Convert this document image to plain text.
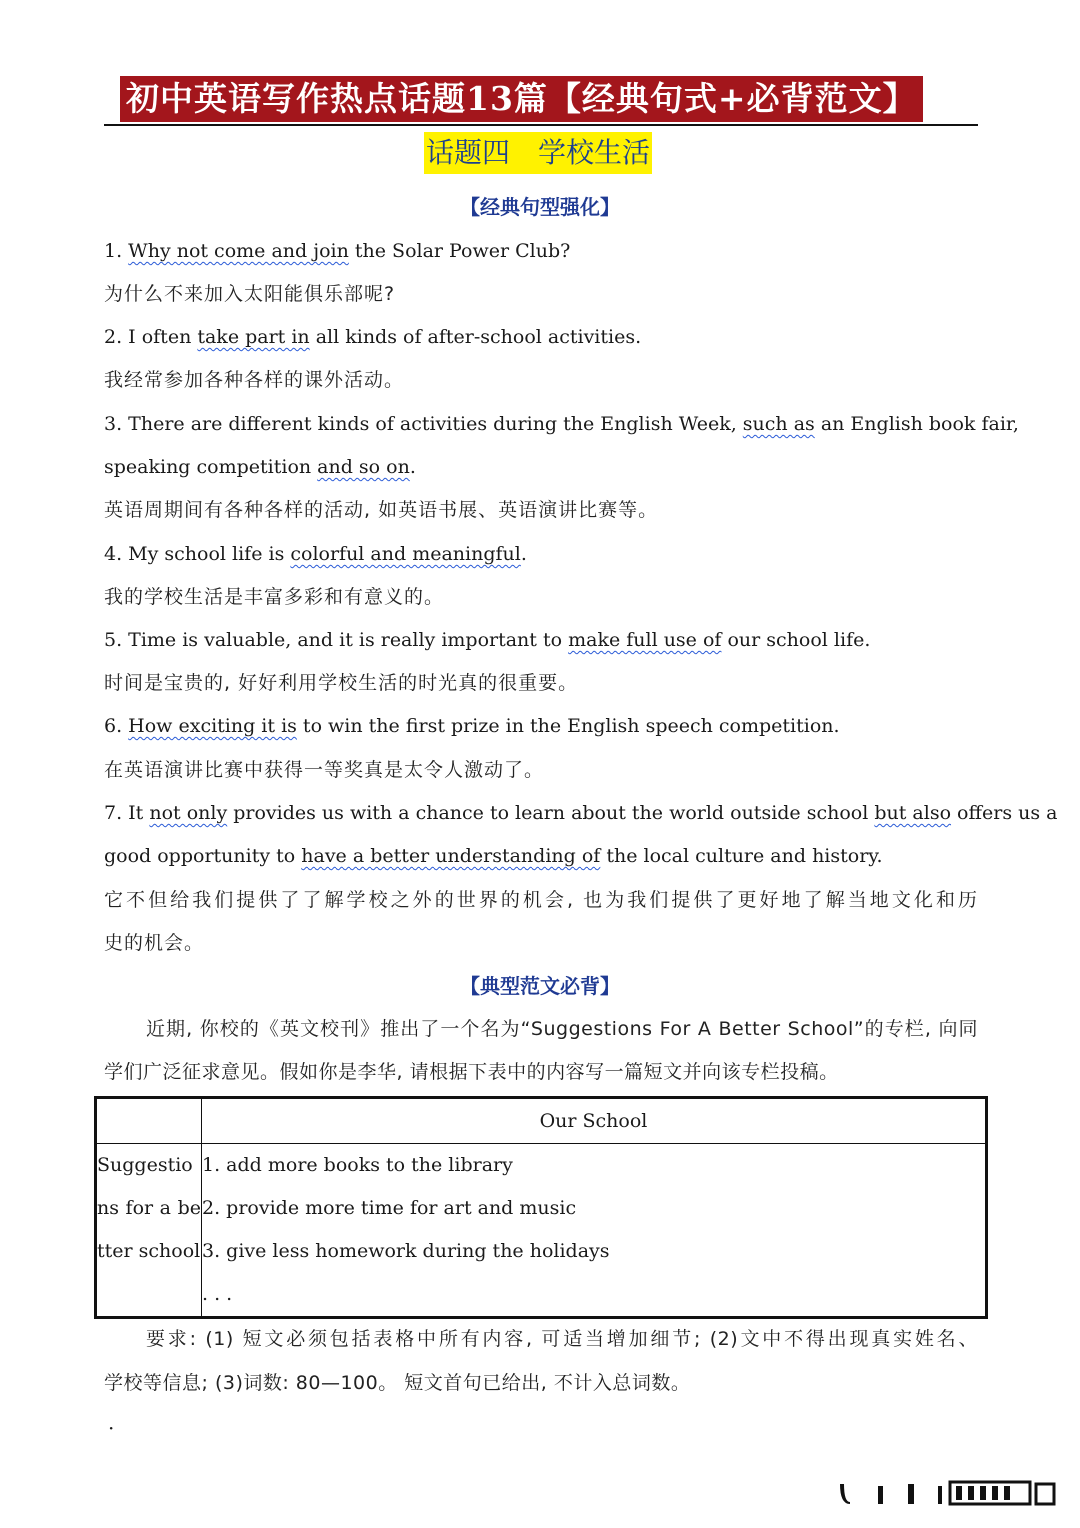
初中英语写作热点话题13篇【经典句式+必背范文】
话题四　学校生活
【经典句型强化】
1. Why not come and join the Solar Power Club?
为什么不来加入太阳能俱乐部呢?
2. I often take part in all kinds of after-school activities.
我经常参加各种各样的课外活动。
3. There are different kinds of activities during the English Week, such as an English book fair,
speaking competition and so on.
英语周期间有各种各样的活动, 如英语书展、英语演讲比赛等。
4. My school life is colorful and meaningful.
我的学校生活是丰富多彩和有意义的。
5. Time is valuable, and it is really important to make full use of our school life.
时间是宝贵的, 好好利用学校生活的时光真的很重要。
6. How exciting it is to win the first prize in the English speech competition.
在英语演讲比赛中获得一等奖真是太令人激动了。
7. It not only provides us with a chance to learn about the world outside school but also offers us a
good opportunity to have a better understanding of the local culture and history.
它不但给我们提供了了解学校之外的世界的机会, 也为我们提供了更好地了解当地文化和历
史的机会。
【典型范文必背】
近期, 你校的《英文校刊》推出了一个名为“Suggestions For A Better School”的专栏, 向同
学们广泛征求意见。假如你是李华, 请根据下表中的内容写一篇短文并向该专栏投稿。
	Our School
Suggestions for a better school	1. add more books to the library
2. provide more time for art and music
3. give less homework during the holidays
. . .
要求: (1) 短文必须包括表格中所有内容, 可适当增加细节; (2)文中不得出现真实姓名、
学校等信息; (3)词数: 80—100。 短文首句已给出, 不计入总词数。
·
